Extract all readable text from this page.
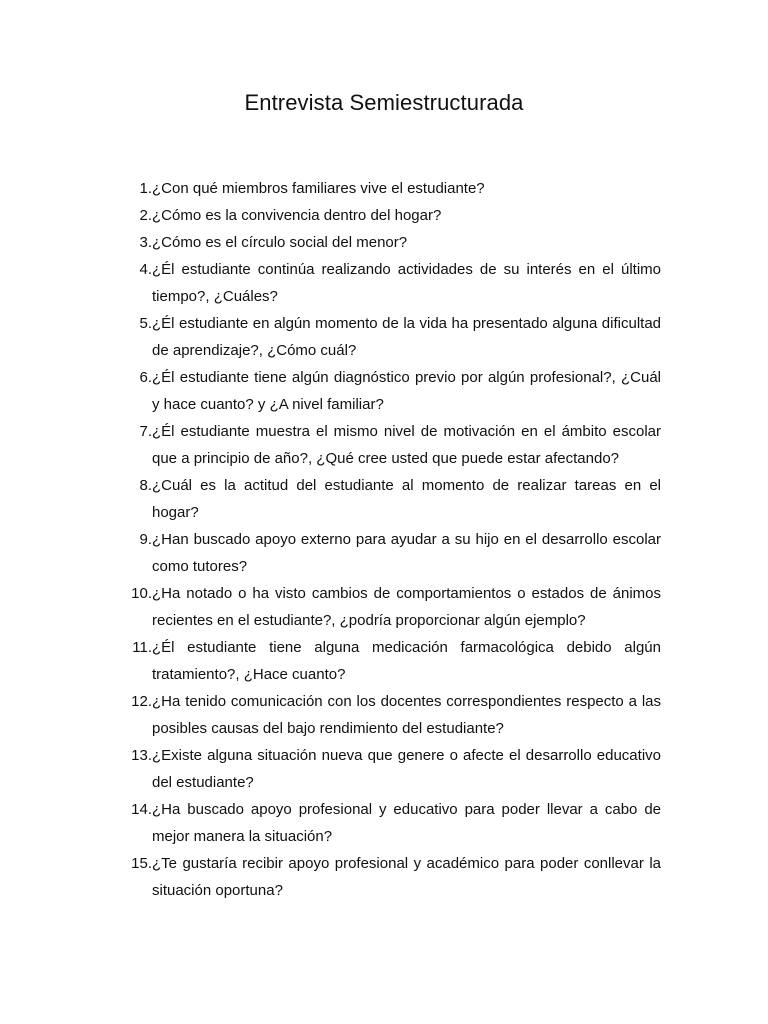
Entrevista Semiestructurada
1. ¿Con qué miembros familiares vive el estudiante?
2. ¿Cómo es la convivencia dentro del hogar?
3. ¿Cómo es el círculo social del menor?
4. ¿Él estudiante continúa realizando actividades de su interés en el último tiempo?, ¿Cuáles?
5. ¿Él estudiante en algún momento de la vida ha presentado alguna dificultad de aprendizaje?, ¿Cómo cuál?
6. ¿Él estudiante tiene algún diagnóstico previo por algún profesional?, ¿Cuál y hace cuanto? y ¿A nivel familiar?
7. ¿Él estudiante muestra el mismo nivel de motivación en el ámbito escolar que a principio de año?, ¿Qué cree usted que puede estar afectando?
8. ¿Cuál es la actitud del estudiante al momento de realizar tareas en el hogar?
9. ¿Han buscado apoyo externo para ayudar a su hijo en el desarrollo escolar como tutores?
10. ¿Ha notado o ha visto cambios de comportamientos o estados de ánimos recientes en el estudiante?, ¿podría proporcionar algún ejemplo?
11. ¿Él estudiante tiene alguna medicación farmacológica debido algún tratamiento?, ¿Hace cuanto?
12. ¿Ha tenido comunicación con los docentes correspondientes respecto a las posibles causas del bajo rendimiento del estudiante?
13. ¿Existe alguna situación nueva que genere o afecte el desarrollo educativo del estudiante?
14. ¿Ha buscado apoyo profesional y educativo para poder llevar a cabo de mejor manera la situación?
15. ¿Te gustaría recibir apoyo profesional y académico para poder conllevar la situación oportuna?
